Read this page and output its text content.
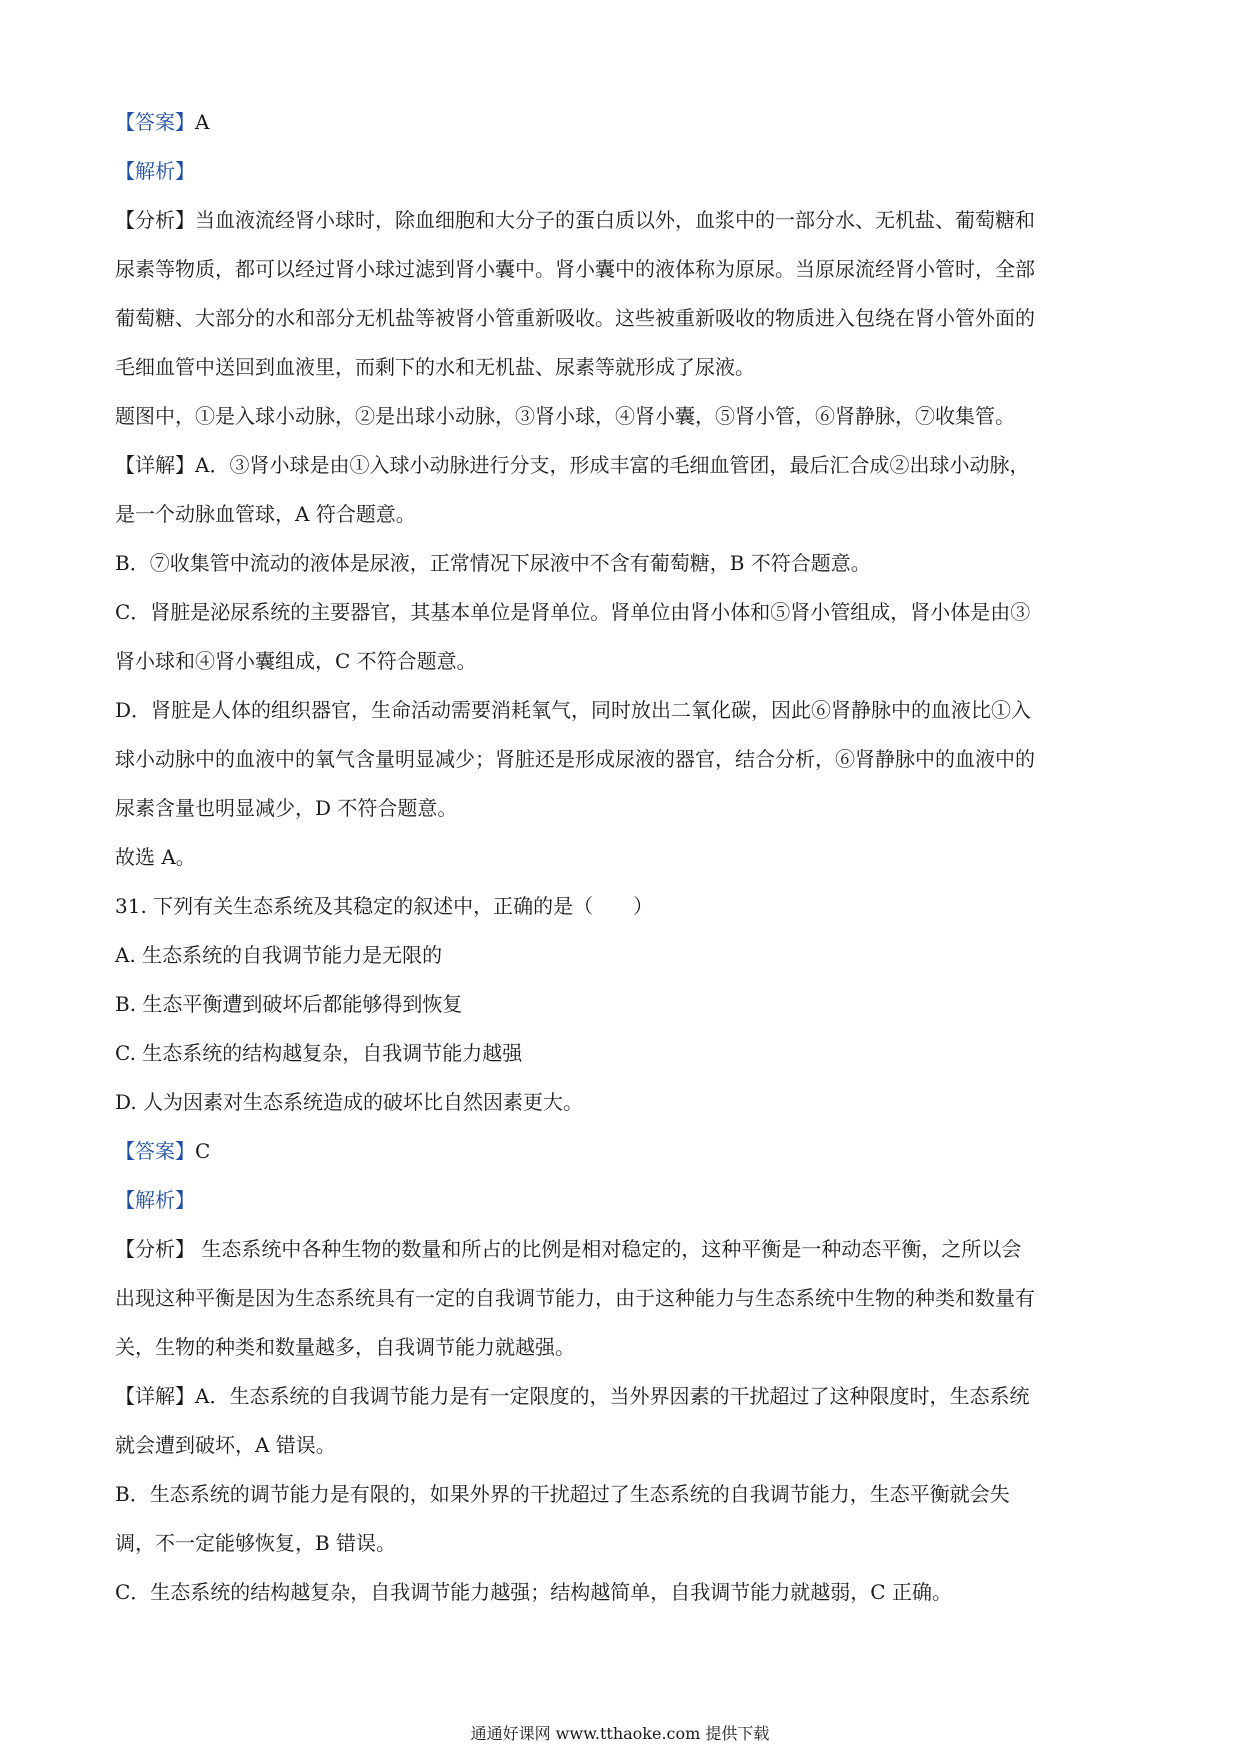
【答案】A

【解析】

【分析】当血液流经肾小球时，除血细胞和大分子的蛋白质以外，血浆中的一部分水、无机盐、葡萄糖和

尿素等物质，都可以经过肾小球过滤到肾小囊中。肾小囊中的液体称为原尿。当原尿流经肾小管时，全部

葡萄糖、大部分的水和部分无机盐等被肾小管重新吸收。这些被重新吸收的物质进入包绕在肾小管外面的

毛细血管中送回到血液里，而剩下的水和无机盐、尿素等就形成了尿液。

题图中，①是入球小动脉，②是出球小动脉，③肾小球，④肾小囊，⑤肾小管，⑥肾静脉，⑦收集管。

【详解】A．③肾小球是由①入球小动脉进行分支，形成丰富的毛细血管团，最后汇合成②出球小动脉，

是一个动脉血管球，A 符合题意。

B．⑦收集管中流动的液体是尿液，正常情况下尿液中不含有葡萄糖，B 不符合题意。

C．肾脏是泌尿系统的主要器官，其基本单位是肾单位。肾单位由肾小体和⑤肾小管组成，肾小体是由③

肾小球和④肾小囊组成，C 不符合题意。

D．肾脏是人体的组织器官，生命活动需要消耗氧气，同时放出二氧化碳，因此⑥肾静脉中的血液比①入

球小动脉中的血液中的氧气含量明显减少；肾脏还是形成尿液的器官，结合分析，⑥肾静脉中的血液中的

尿素含量也明显减少，D 不符合题意。

故选 A。

31. 下列有关生态系统及其稳定的叙述中，正确的是（　　）

A. 生态系统的自我调节能力是无限的

B. 生态平衡遭到破坏后都能够得到恢复

C. 生态系统的结构越复杂，自我调节能力越强

D. 人为因素对生态系统造成的破坏比自然因素更大。

【答案】C

【解析】

【分析】 生态系统中各种生物的数量和所占的比例是相对稳定的，这种平衡是一种动态平衡，之所以会

出现这种平衡是因为生态系统具有一定的自我调节能力，由于这种能力与生态系统中生物的种类和数量有

关，生物的种类和数量越多，自我调节能力就越强。

【详解】A．生态系统的自我调节能力是有一定限度的，当外界因素的干扰超过了这种限度时，生态系统

就会遭到破坏，A 错误。

B．生态系统的调节能力是有限的，如果外界的干扰超过了生态系统的自我调节能力，生态平衡就会失

调，不一定能够恢复，B 错误。

C．生态系统的结构越复杂，自我调节能力越强；结构越简单，自我调节能力就越弱，C 正确。

通通好课网 www.tthaoke.com 提供下载
